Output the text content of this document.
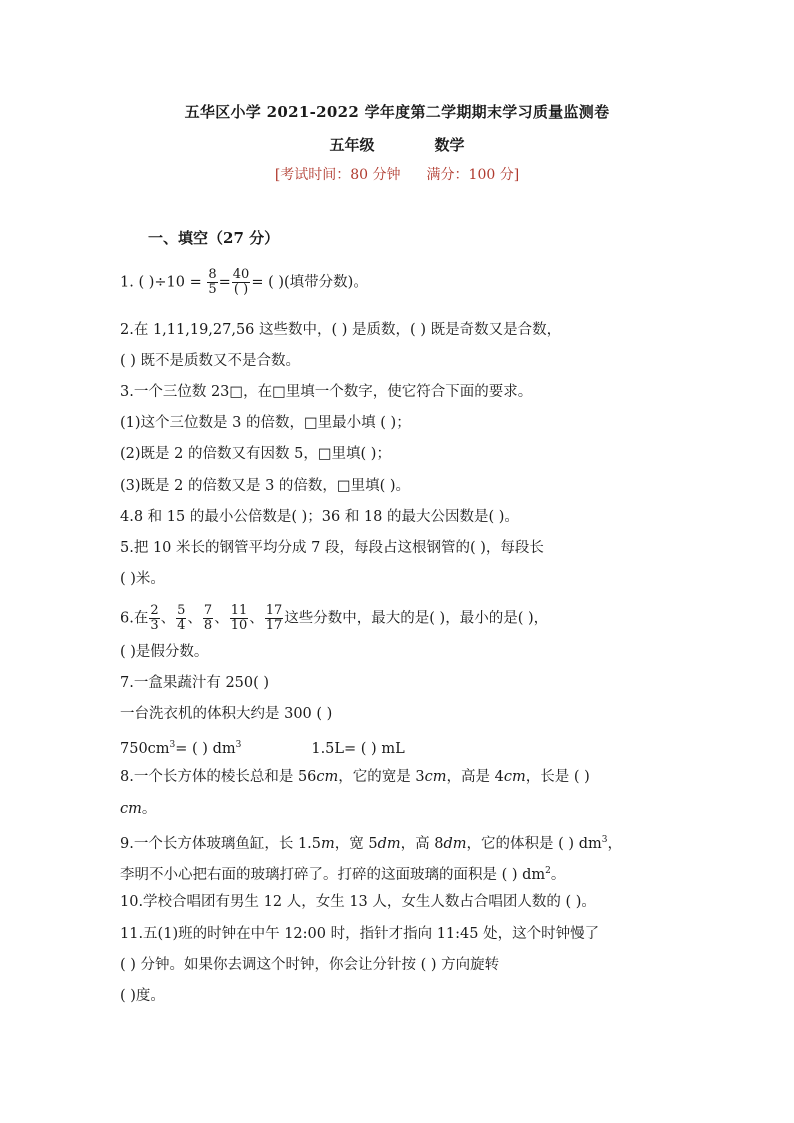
五华区小学 2021-2022 学年度第二学期期末学习质量监测卷
五年级	数学
[考试时间：80 分钟 满分：100 分]
一、填空（27 分）
1. ( )$\div 10 = \frac{8}{5} = \frac{40}{( )}$ = ( )(填带分数)。
2.在 1,11,19,27,56 这些数中，( ) 是质数，( ) 既是奇数又是合数，
( ) 既不是质数又不是合数。
3.一个三位数 23□，在□里填一个数字，使它符合下面的要求。
(1)这个三位数是 3 的倍数，□里最小填 ( )；
(2)既是 2 的倍数又有因数 5，□里填( )；
(3)既是 2 的倍数又是 3 的倍数，□里填( )。
4.8 和 15 的最小公倍数是( )；36 和 18 的最大公因数是( )。
5.把 10 米长的钢管平均分成 7 段，每段占这根钢管的( )，每段长
( )米。
6.在 $\frac{2}{3}$ 、 $\frac{5}{4}$ 、 $\frac{7}{8}$ 、 $\frac{11}{10}$ 、 $\frac{17}{17}$ 这些分数中，最大的是( )，最小的是( )，
( )是假分数。
7.一盒果蔬汁有 250( )
一台洗衣机的体积大约是 300 ( )
$750cm^3=$ ( ) $dm^3$	1.5L= ( ) mL
8.一个长方体的棱长总和是 56cm，它的宽是 3cm，高是 4cm，长是 ( )
cm。
9.一个长方体玻璃鱼缸，长 1.5m，宽 5dm，高 8dm，它的体积是 ( ) $dm^3$，
李明不小心把右面的玻璃打碎了。打碎的这面玻璃的面积是 ( ) $dm^2$。
10.学校合唱团有男生 12 人，女生 13 人，女生人数占合唱团人数的 ( )。
11.五(1)班的时钟在中午 12:00 时，指针才指向 11:45 处，这个时钟慢了
( ) 分钟。如果你去调这个时钟，你会让分针按 ( ) 方向旋转
( )度。
